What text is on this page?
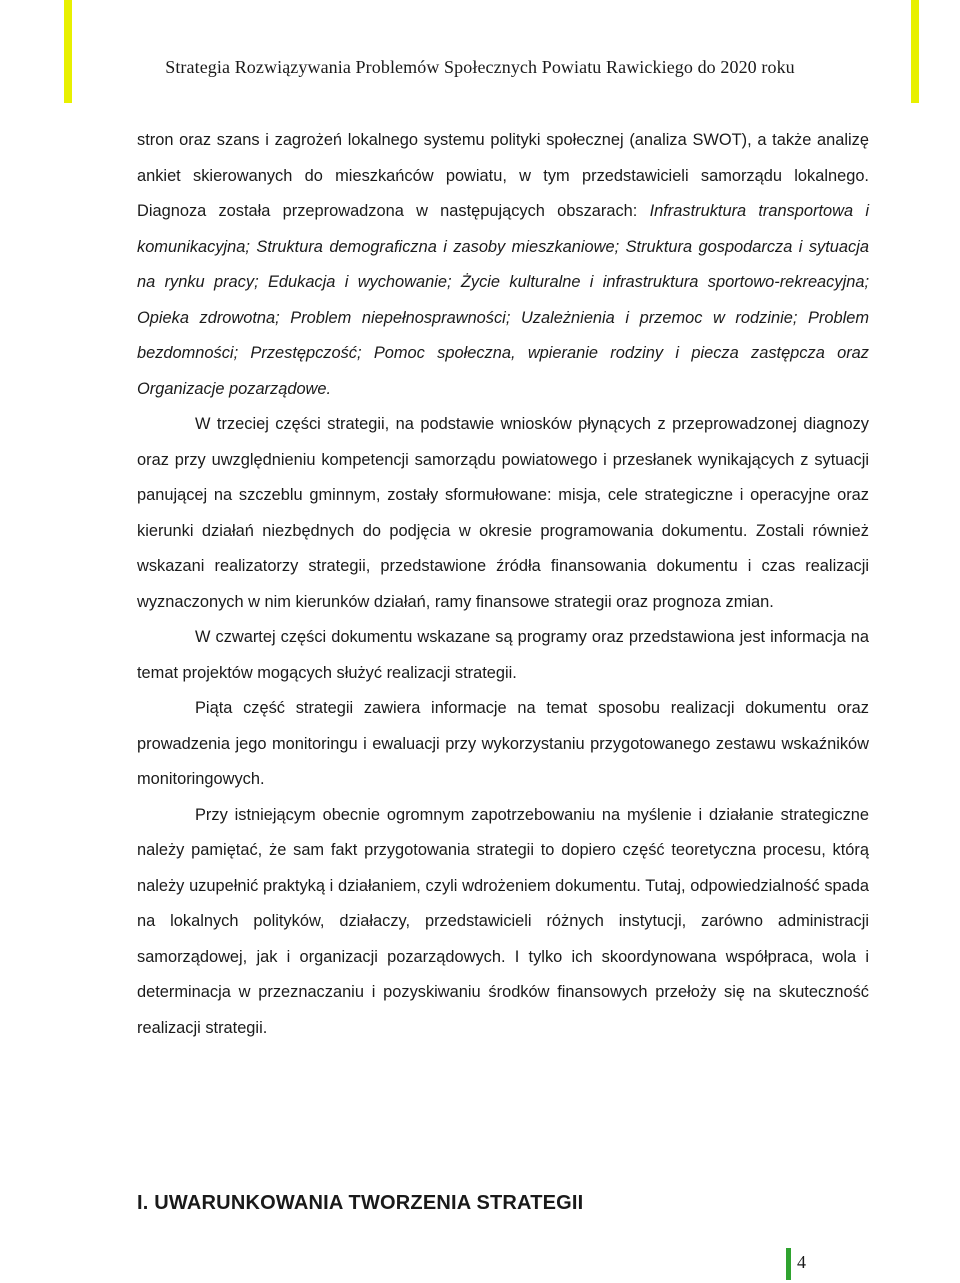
Strategia Rozwiązywania Problemów Społecznych Powiatu Rawickiego do 2020 roku

stron oraz szans i zagrożeń lokalnego systemu polityki społecznej (analiza SWOT), a także analizę ankiet skierowanych do mieszkańców powiatu, w tym przedstawicieli samorządu lokalnego. Diagnoza została przeprowadzona w następujących obszarach: Infrastruktura transportowa i komunikacyjna; Struktura demograficzna i zasoby mieszkaniowe; Struktura gospodarcza i sytuacja na rynku pracy; Edukacja i wychowanie; Życie kulturalne i infrastruktura sportowo-rekreacyjna; Opieka zdrowotna; Problem niepełnosprawności; Uzależnienia i przemoc w rodzinie; Problem bezdomności; Przestępczość; Pomoc społeczna, wpieranie rodziny i piecza zastępcza oraz Organizacje pozarządowe.

W trzeciej części strategii, na podstawie wniosków płynących z przeprowadzonej diagnozy oraz przy uwzględnieniu kompetencji samorządu powiatowego i przesłanek wynikających z sytuacji panującej na szczeblu gminnym, zostały sformułowane: misja, cele strategiczne i operacyjne oraz kierunki działań niezbędnych do podjęcia w okresie programowania dokumentu. Zostali również wskazani realizatorzy strategii, przedstawione źródła finansowania dokumentu i czas realizacji wyznaczonych w nim kierunków działań, ramy finansowe strategii oraz prognoza zmian.

W czwartej części dokumentu wskazane są programy oraz przedstawiona jest informacja na temat projektów mogących służyć realizacji strategii.

Piąta część strategii zawiera informacje na temat sposobu realizacji dokumentu oraz prowadzenia jego monitoringu i ewaluacji przy wykorzystaniu przygotowanego zestawu wskaźników monitoringowych.

Przy istniejącym obecnie ogromnym zapotrzebowaniu na myślenie i działanie strategiczne należy pamiętać, że sam fakt przygotowania strategii to dopiero część teoretyczna procesu, którą należy uzupełnić praktyką i działaniem, czyli wdrożeniem dokumentu. Tutaj, odpowiedzialność spada na lokalnych polityków, działaczy, przedstawicieli różnych instytucji, zarówno administracji samorządowej, jak i organizacji pozarządowych. I tylko ich skoordynowana współpraca, wola i determinacja w przeznaczaniu i pozyskiwaniu środków finansowych przełoży się na skuteczność realizacji strategii.

I. UWARUNKOWANIA TWORZENIA STRATEGII
4
